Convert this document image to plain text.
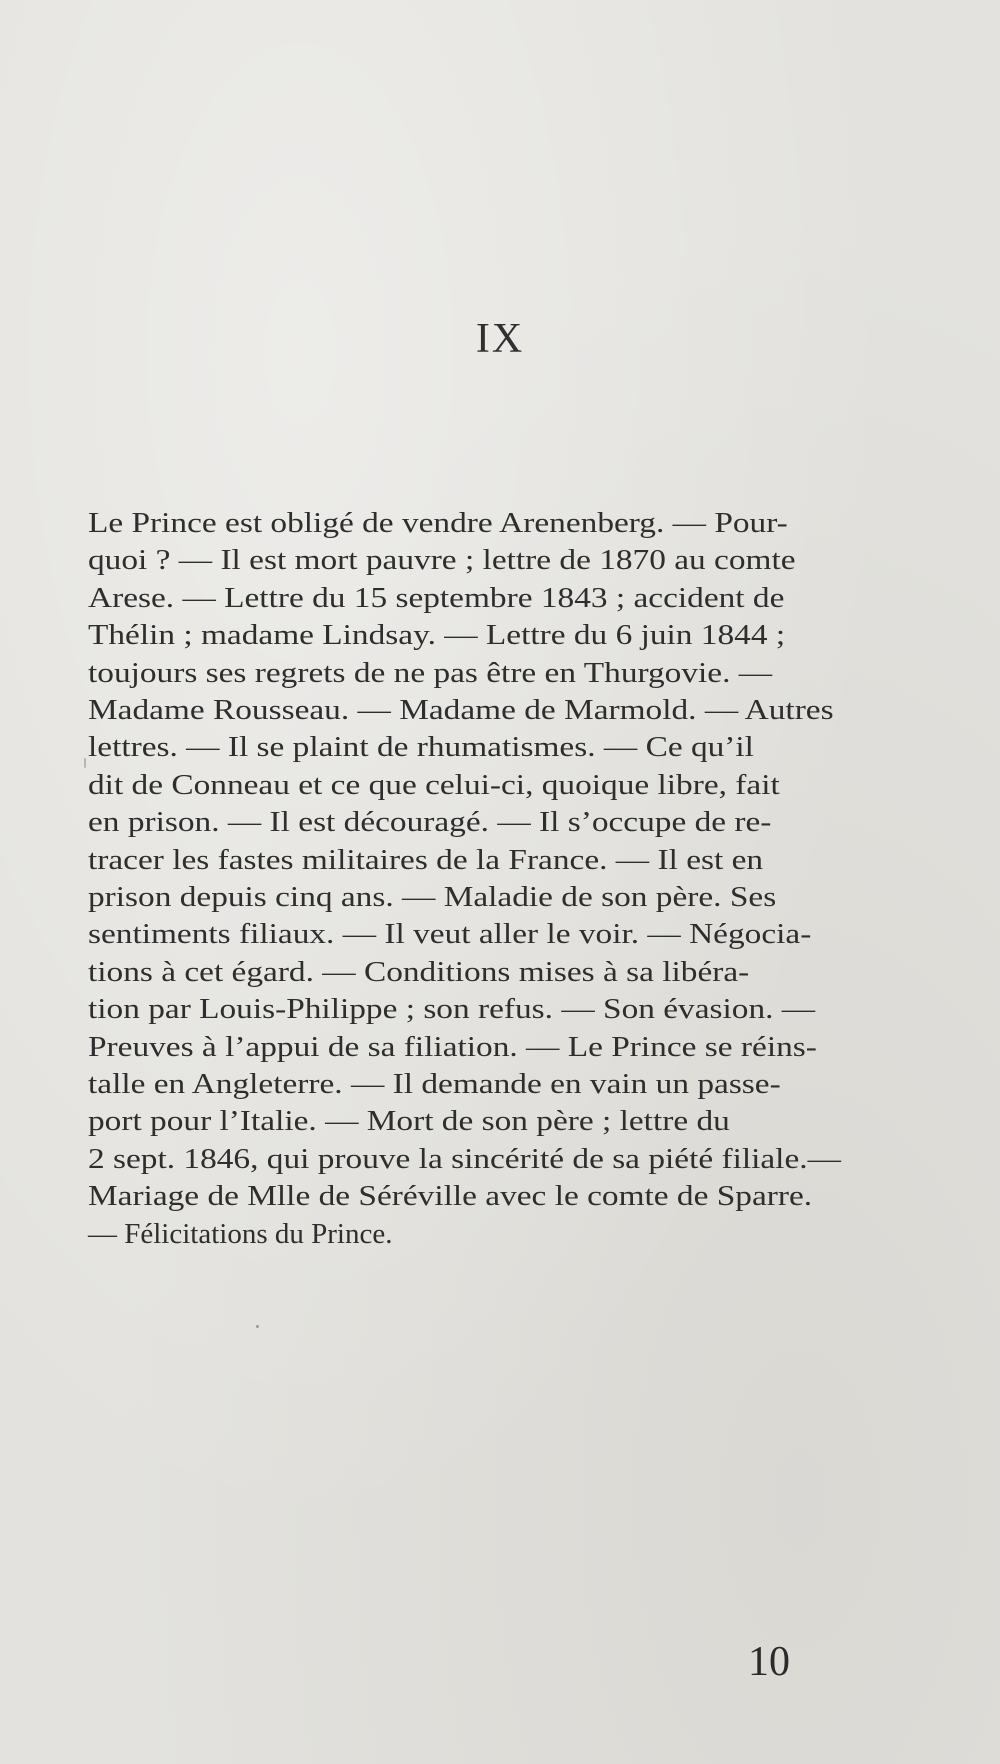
IX
Le Prince est obligé de vendre Arenenberg. — Pour-
quoi ? — Il est mort pauvre ; lettre de 1870 au comte
Arese. — Lettre du 15 septembre 1843 ; accident de
Thélin ; madame Lindsay. — Lettre du 6 juin 1844 ;
toujours ses regrets de ne pas être en Thurgovie. —
Madame Rousseau. — Madame de Marmold. — Autres
lettres. — Il se plaint de rhumatismes. — Ce qu’il
dit de Conneau et ce que celui-ci, quoique libre, fait
en prison. — Il est découragé. — Il s’occupe de re-
tracer les fastes militaires de la France. — Il est en
prison depuis cinq ans. — Maladie de son père. Ses
sentiments filiaux. — Il veut aller le voir. — Négocia-
tions à cet égard. — Conditions mises à sa libéra-
tion par Louis-Philippe ; son refus. — Son évasion. —
Preuves à l’appui de sa filiation. — Le Prince se réins-
talle en Angleterre. — Il demande en vain un passe-
port pour l’Italie. — Mort de son père ; lettre du
2 sept. 1846, qui prouve la sincérité de sa piété filiale.—
Mariage de Mlle de Séréville avec le comte de Sparre.
— Félicitations du Prince.
10
